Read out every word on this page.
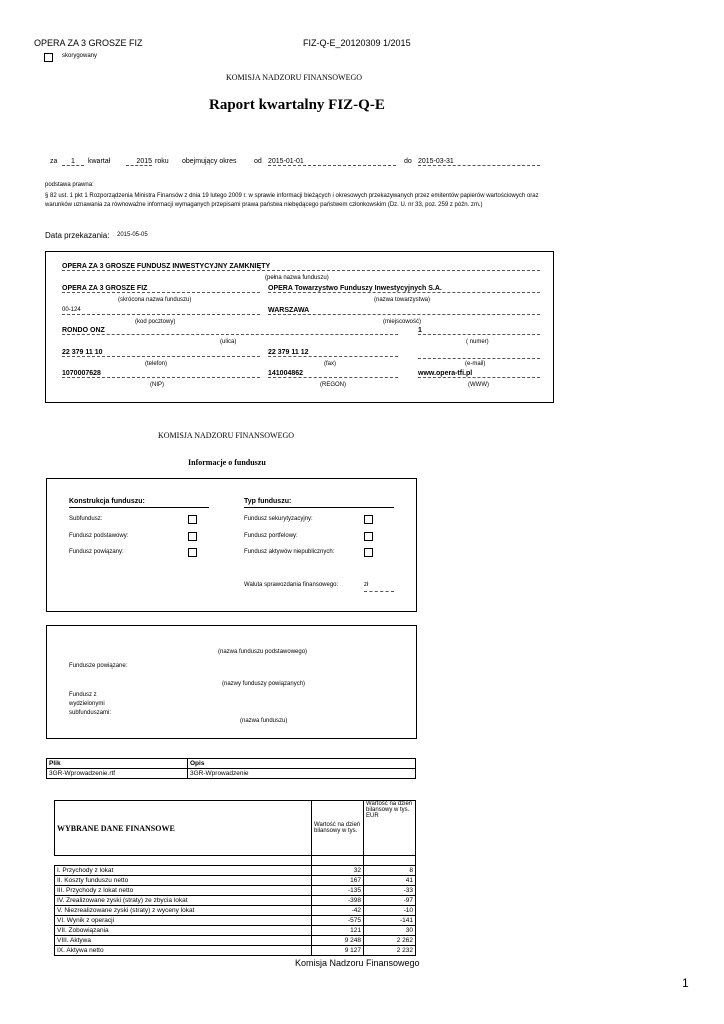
OPERA ZA 3 GROSZE FIZ	FIZ-Q-E_20120309 1/2015
skorygowany
KOMISJA NADZORU FINANSOWEGO
Raport kwartalny FIZ-Q-E
za	1	kwartał	2015 roku obejmujący okres	od 2015-01-01	do 2015-03-31
podstawa prawna:
§ 82 ust. 1 pkt 1 Rozporządzenia Ministra Finansów z dnia 19 lutego 2009 r. w sprawie informacji bieżących i okresowych przekazywanych przez emitentów papierów wartościowych oraz warunków uznawania za równoważne informacji wymaganych przepisami prawa państwa niebędącego państwem członkowskim (Dz. U. nr 33, poz. 259 z późn. zm.)
Data przekazania: 2015-05-05
OPERA ZA 3 GROSZE FUNDUSZ INWESTYCYJNY ZAMKNIĘTY
(pełna nazwa funduszu)
OPERA ZA 3 GROSZE FIZ	OPERA Towarzystwo Funduszy Inwestycyjnych S.A.
(skrócona nazwa funduszu)	(nazwa towarzystwa)
00-124	WARSZAWA
(kod pocztowy)	(miejscowość)
RONDO ONZ	1
(ulica)	( numer)
22 379 11 10	22 379 11 12
(telefon)	(fax)	(e-mail)
1070007628	141004862	www.opera-tfi.pl
(NIP)	(REGON)	(WWW)
KOMISJA NADZORU FINANSOWEGO
Informacje o funduszu
Konstrukcja funduszu:
Subfundusz:
Fundusz podstawowy:
Fundusz powiązany:
Typ funduszu:
Fundusz sekurytyzacyjny:
Fundusz portfelowy:
Fundusz aktywów niepublicznych:
Waluta sprawozdania finansowego:	zł
(nazwa funduszu podstawowego)
Fundusze powiązane:
(nazwy funduszy powiązanych)
Fundusz z
wydzielonymi
subfunduszami:
(nazwa funduszu)
Plik	Opis
3GR-Wprowadzenie.rtf	3GR-Wprowadzenie
WYBRANE DANE FINANSOWE	Wartość na dzień bilansowy w tys.	Wartość na dzień bilansowy w tys. EUR

I. Przychody z lokat	32	8
II. Koszty funduszu netto	167	41
III. Przychody z lokat netto	-135	-33
IV. Zrealizowane zyski (straty) ze zbycia lokat	-398	-97
V. Niezrealizowane zyski (straty) z wyceny lokat	-42	-10
VI. Wynik z operacji	-575	-141
VII. Zobowiązania	121	30
VIII. Aktywa	9 248	2 262
IX. Aktywa netto	9 127	2 232
Komisja Nadzoru Finansowego
1
